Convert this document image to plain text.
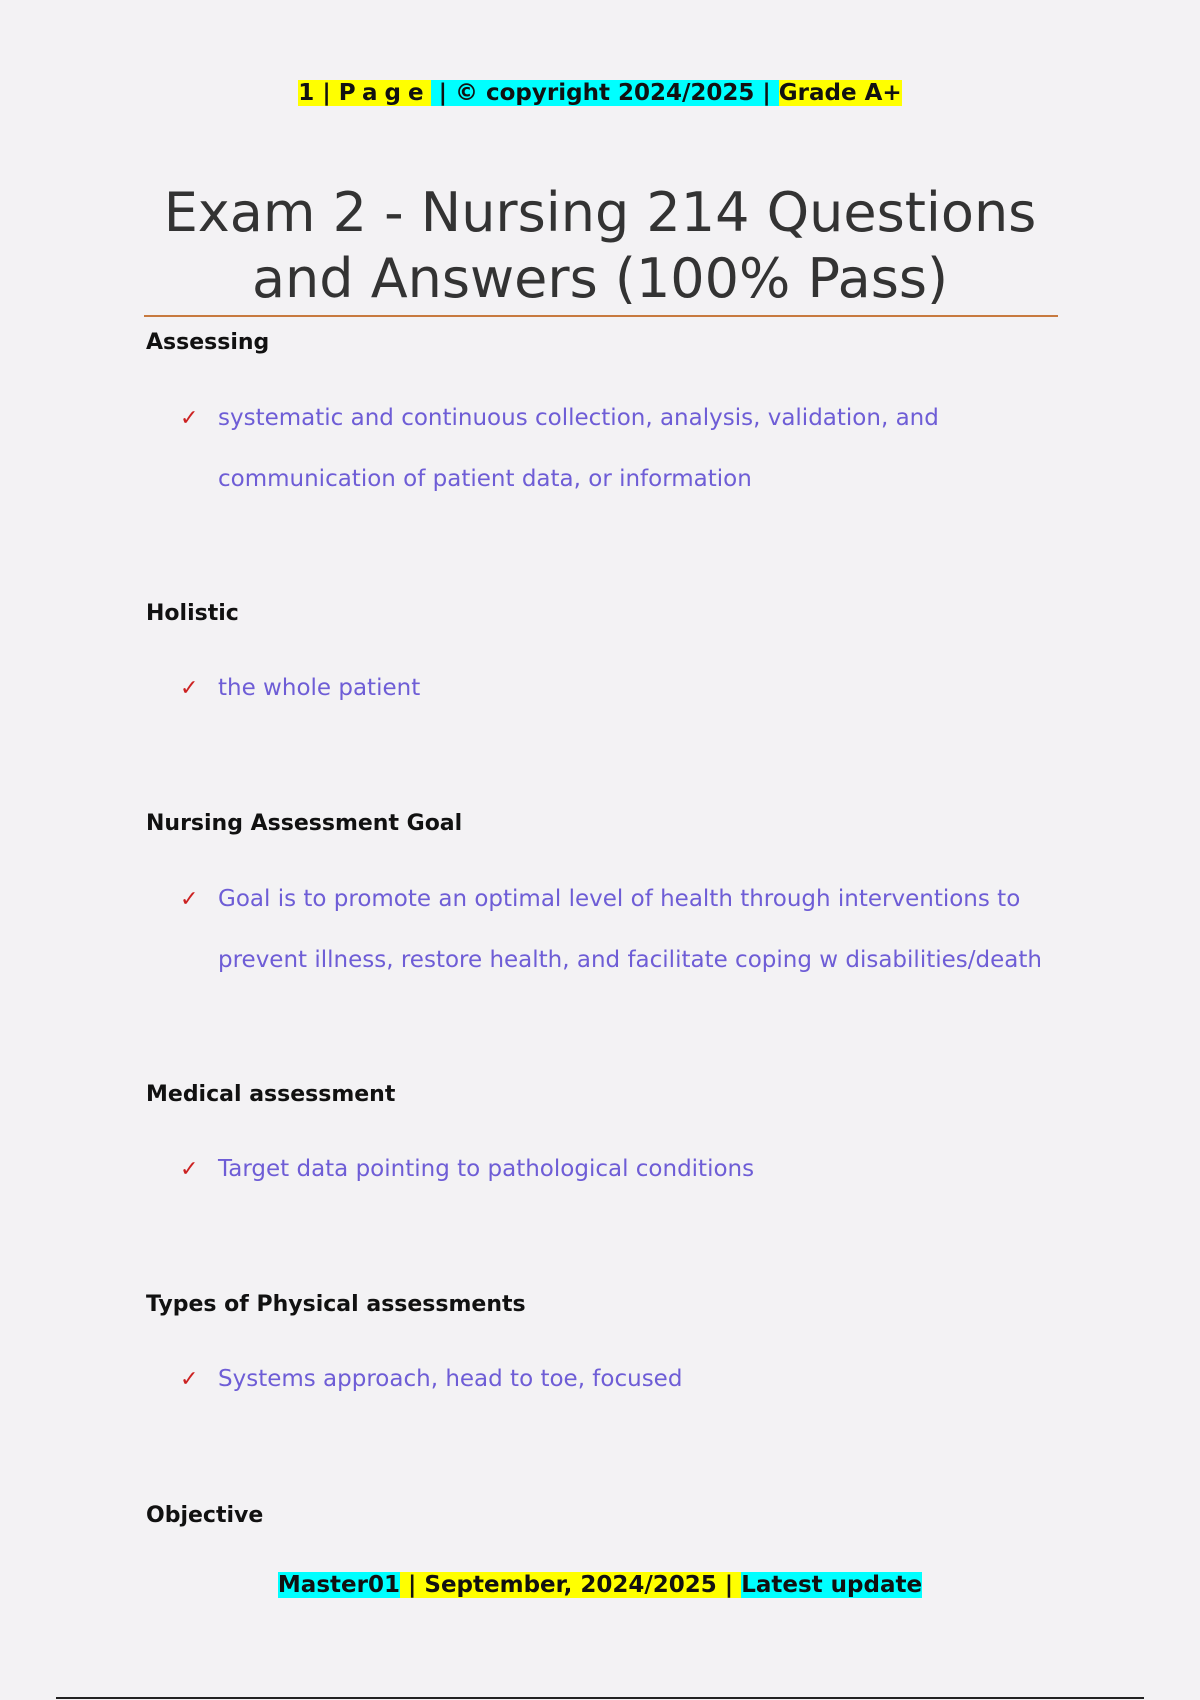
1 | Page | © copyright 2024/2025 | Grade A+
Exam 2 - Nursing 214 Questions and Answers (100% Pass)
Assessing
✓ systematic and continuous collection, analysis, validation, and communication of patient data, or information
Holistic
✓ the whole patient
Nursing Assessment Goal
✓ Goal is to promote an optimal level of health through interventions to prevent illness, restore health, and facilitate coping w disabilities/death
Medical assessment
✓ Target data pointing to pathological conditions
Types of Physical assessments
✓ Systems approach, head to toe, focused
Objective
Master01 | September, 2024/2025 | Latest update
